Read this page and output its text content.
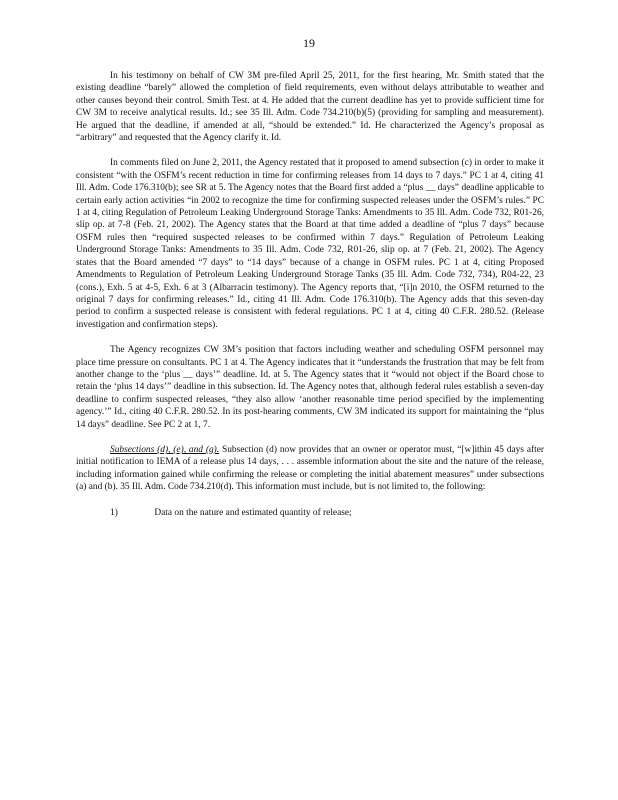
19

In his testimony on behalf of CW 3M pre-filed April 25, 2011, for the first hearing, Mr. Smith stated that the existing deadline “barely” allowed the completion of field requirements, even without delays attributable to weather and other causes beyond their control. Smith Test. at 4. He added that the current deadline has yet to provide sufficient time for CW 3M to receive analytical results. Id.; see 35 Ill. Adm. Code 734.210(b)(5) (providing for sampling and measurement). He argued that the deadline, if amended at all, “should be extended.” Id. He characterized the Agency’s proposal as “arbitrary” and requested that the Agency clarify it. Id.

In comments filed on June 2, 2011, the Agency restated that it proposed to amend subsection (c) in order to make it consistent “with the OSFM’s recent reduction in time for confirming releases from 14 days to 7 days.” PC 1 at 4, citing 41 Ill. Adm. Code 176.310(b); see SR at 5. The Agency notes that the Board first added a “plus __ days” deadline applicable to certain early action activities “in 2002 to recognize the time for confirming suspected releases under the OSFM’s rules.” PC 1 at 4, citing Regulation of Petroleum Leaking Underground Storage Tanks: Amendments to 35 Ill. Adm. Code 732, R01-26, slip op. at 7-8 (Feb. 21, 2002). The Agency states that the Board at that time added a deadline of “plus 7 days” because OSFM rules then “required suspected releases to be confirmed within 7 days.” Regulation of Petroleum Leaking Underground Storage Tanks: Amendments to 35 Ill. Adm. Code 732, R01-26, slip op. at 7 (Feb. 21, 2002). The Agency states that the Board amended “7 days” to “14 days” because of a change in OSFM rules. PC 1 at 4, citing Proposed Amendments to Regulation of Petroleum Leaking Underground Storage Tanks (35 Ill. Adm. Code 732, 734), R04-22, 23 (cons.), Exh. 5 at 4-5, Exh. 6 at 3 (Albarracin testimony). The Agency reports that, “[i]n 2010, the OSFM returned to the original 7 days for confirming releases.” Id., citing 41 Ill. Adm. Code 176.310(b). The Agency adds that this seven-day period to confirm a suspected release is consistent with federal regulations. PC 1 at 4, citing 40 C.F.R. 280.52. (Release investigation and confirmation steps).

The Agency recognizes CW 3M’s position that factors including weather and scheduling OSFM personnel may place time pressure on consultants. PC 1 at 4. The Agency indicates that it “understands the frustration that may be felt from another change to the ‘plus __ days’” deadline. Id. at 5. The Agency states that it “would not object if the Board chose to retain the ‘plus 14 days’” deadline in this subsection. Id. The Agency notes that, although federal rules establish a seven-day deadline to confirm suspected releases, “they also allow ‘another reasonable time period specified by the implementing agency.’” Id., citing 40 C.F.R. 280.52. In its post-hearing comments, CW 3M indicated its support for maintaining the “plus 14 days” deadline. See PC 2 at 1, 7.

Subsections (d), (e), and (g). Subsection (d) now provides that an owner or operator must, “[w]ithin 45 days after initial notification to IEMA of a release plus 14 days, . . . assemble information about the site and the nature of the release, including information gained while confirming the release or completing the initial abatement measures” under subsections (a) and (b). 35 Ill. Adm. Code 734.210(d). This information must include, but is not limited to, the following:

1)	Data on the nature and estimated quantity of release;
